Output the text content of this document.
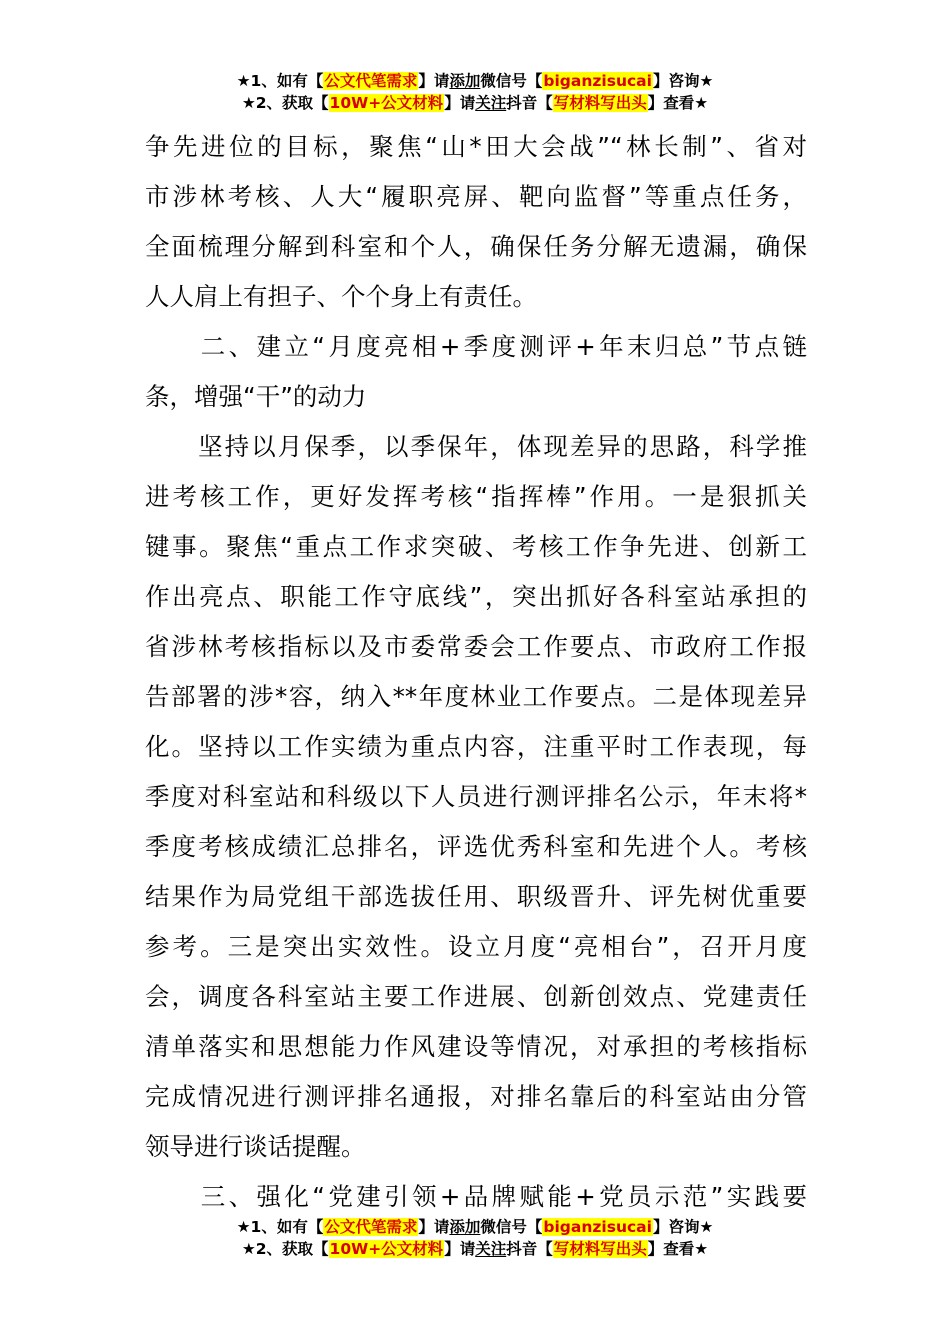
★1、如有【公文代笔需求】请添加微信号【biganzisucai】咨询★
★2、获取【10W+公文材料】请关注抖音【写材料写出头】查看★
争先进位的目标，聚焦“山*田大会战”“林长制”、省对
市涉林考核、人大“履职亮屏、靶向监督”等重点任务，
全面梳理分解到科室和个人，确保任务分解无遗漏，确保
人人肩上有担子、个个身上有责任。
　　二、建立“月度亮相+季度测评+年末归总”节点链
条，增强“干”的动力
　　坚持以月保季，以季保年，体现差异的思路，科学推
进考核工作，更好发挥考核“指挥棒”作用。一是狠抓关
键事。聚焦“重点工作求突破、考核工作争先进、创新工
作出亮点、职能工作守底线”，突出抓好各科室站承担的
省涉林考核指标以及市委常委会工作要点、市政府工作报
告部署的涉*容，纳入**年度林业工作要点。二是体现差异
化。坚持以工作实绩为重点内容，注重平时工作表现，每
季度对科室站和科级以下人员进行测评排名公示，年末将*
季度考核成绩汇总排名，评选优秀科室和先进个人。考核
结果作为局党组干部选拔任用、职级晋升、评先树优重要
参考。三是突出实效性。设立月度“亮相台”，召开月度
会，调度各科室站主要工作进展、创新创效点、党建责任
清单落实和思想能力作风建设等情况，对承担的考核指标
完成情况进行测评排名通报，对排名靠后的科室站由分管
领导进行谈话提醒。
　　三、强化“党建引领+品牌赋能+党员示范”实践要
★1、如有【公文代笔需求】请添加微信号【biganzisucai】咨询★
★2、获取【10W+公文材料】请关注抖音【写材料写出头】查看★
